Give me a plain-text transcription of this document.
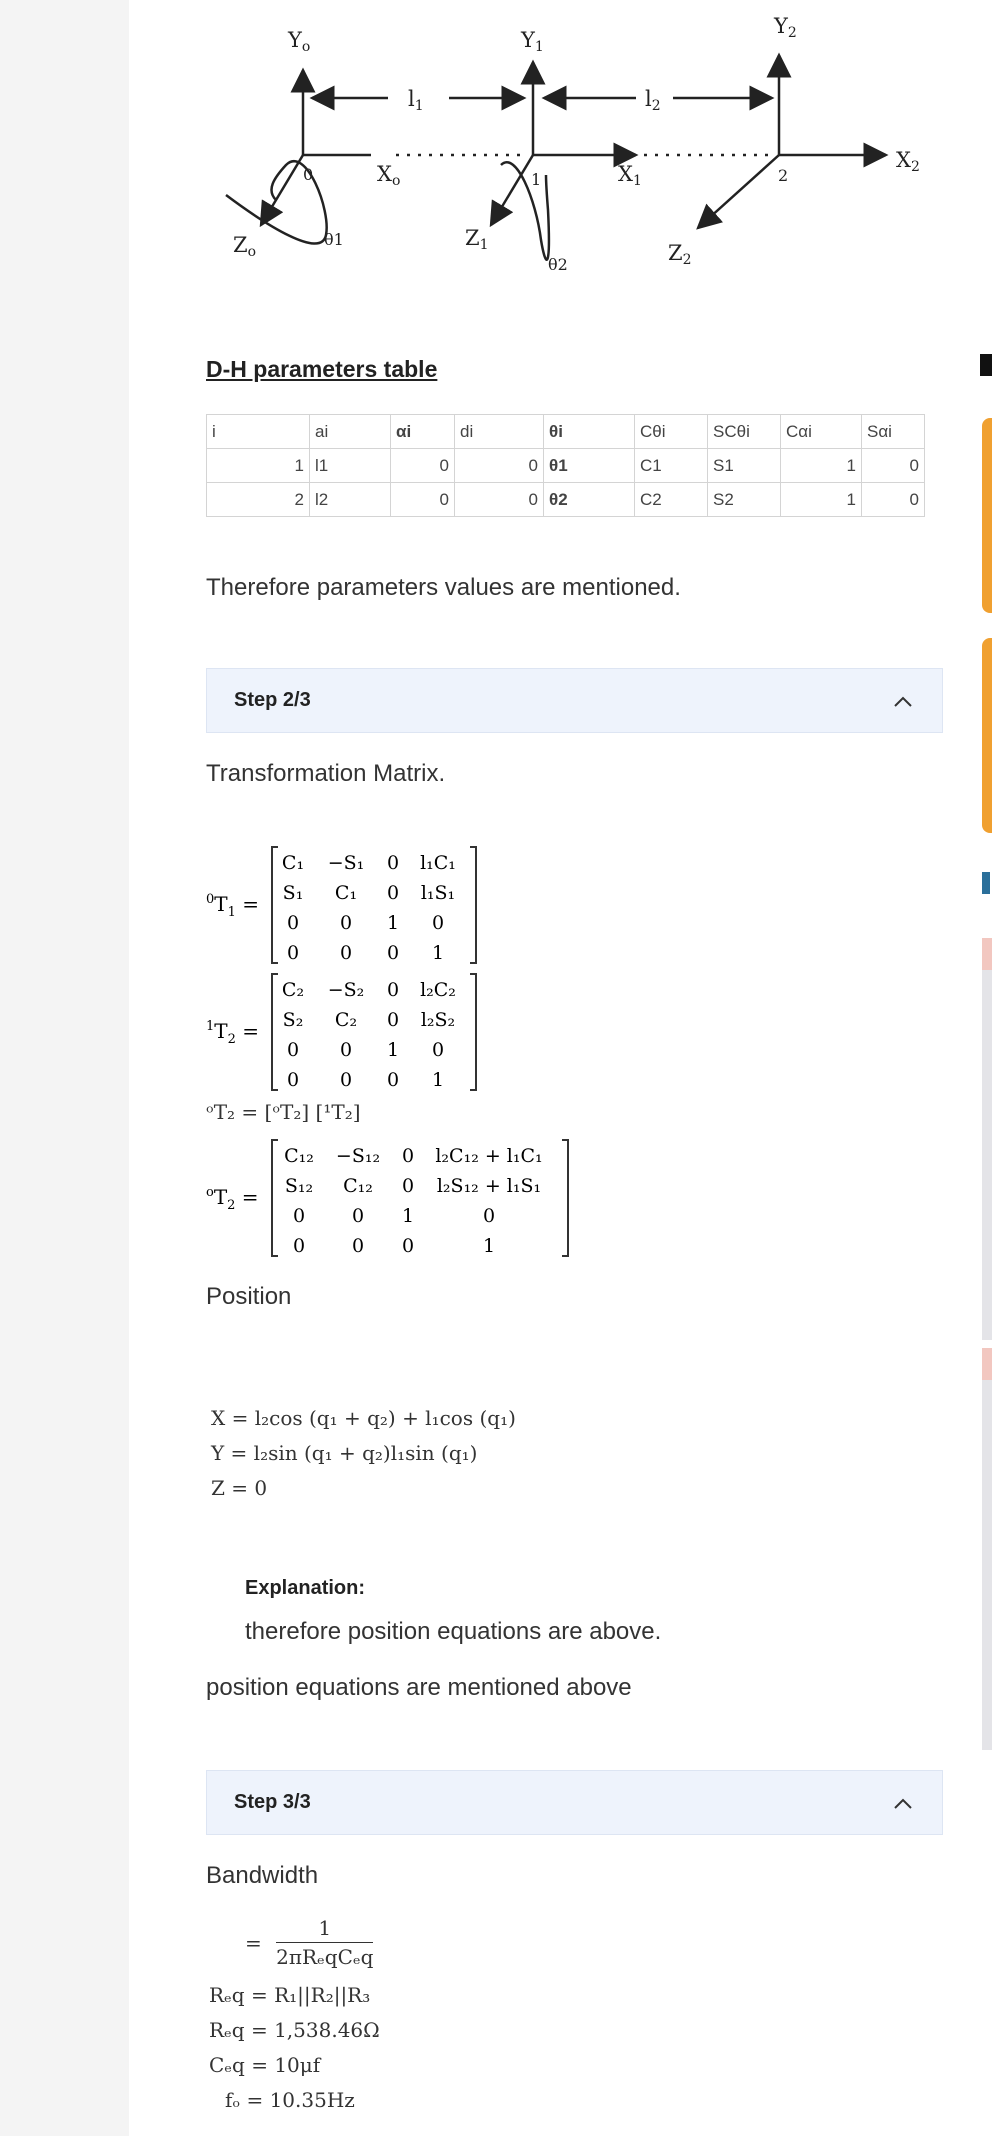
Yo	Y1
Y2
Xo	X1
X2
Zo
Z1	Z2
l1	l2
0	1	2
θ1
θ2
D-H parameters table
i	ai	αi	di	θi	Cθi	SCθi	Cαi	Sαi
1	l1	0	0	θ1	C1	S1	1	0
2	l2	0	0	θ2	C2	S2	1	0

Therefore parameters values are mentioned.

Step 2/3

Transformation Matrix.

$^0T_1$ =
C₁ −S₁ 0 l₁C₁
S₁ C₁ 0 l₁S₁
0 0 1 0
0 0 0 1
$^1T_2$ =
C₂ −S₂ 0 l₂C₂
S₂ C₂ 0 l₂S₂
0 0 1 0
0 0 0 1
ᵒT₂ = [ᵒT₂] [¹T₂]
$^oT_2$ =
C₁₂ −S₁₂ 0 l₂C₁₂ + l₁C₁
S₁₂ C₁₂ 0 l₂S₁₂ + l₁S₁
0 0 1	0
0 0 0	1

Position

X = l₂cos (q₁ + q₂) + l₁cos (q₁)
Y = l₂sin (q₁ + q₂)l₁sin (q₁)
Z = 0

Explanation:

therefore position equations are above.

position equations are mentioned above

Step 3/3

Bandwidth

=
1
2πRₑqCₑq
Rₑq = R₁||R₂||R₃
Rₑq = 1,538.46Ω
Cₑq = 10μf
fₒ = 10.35Hz
